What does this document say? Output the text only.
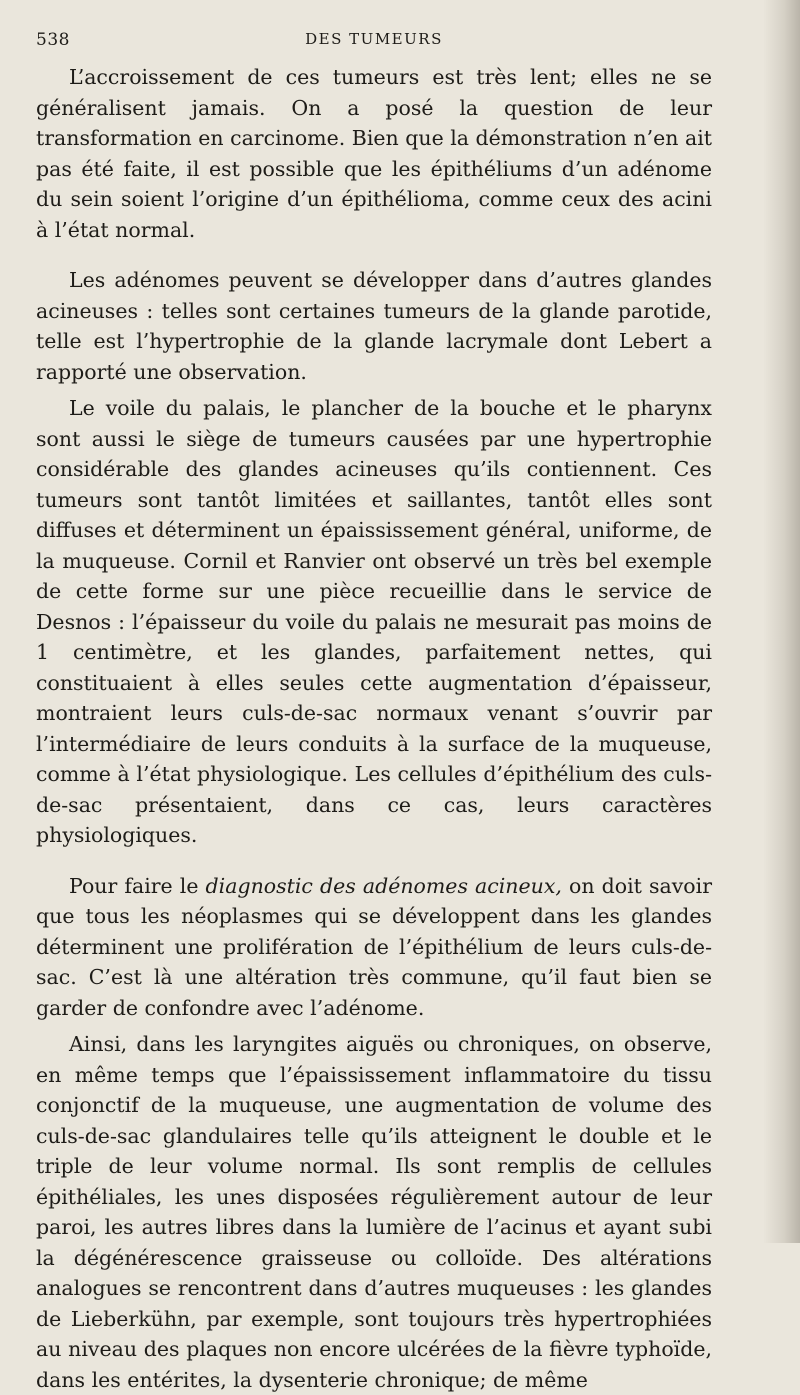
538	DES TUMEURS

L’accroissement de ces tumeurs est très lent; elles ne se généralisent jamais. On a posé la question de leur transformation en carcinome. Bien que la démonstration n’en ait pas été faite, il est possible que les épithéliums d’un adénome du sein soient l’origine d’un épithélioma, comme ceux des acini à l’état normal.

Les adénomes peuvent se développer dans d’autres glandes acineuses : telles sont certaines tumeurs de la glande parotide, telle est l’hypertrophie de la glande lacrymale dont Lebert a rapporté une observation.

Le voile du palais, le plancher de la bouche et le pharynx sont aussi le siège de tumeurs causées par une hypertrophie considérable des glandes acineuses qu’ils contiennent. Ces tumeurs sont tantôt limitées et saillantes, tantôt elles sont diffuses et déterminent un épaississement général, uniforme, de la muqueuse. Cornil et Ranvier ont observé un très bel exemple de cette forme sur une pièce recueillie dans le service de Desnos : l’épaisseur du voile du palais ne mesurait pas moins de 1 centimètre, et les glandes, parfaitement nettes, qui constituaient à elles seules cette augmentation d’épaisseur, montraient leurs culs-de-sac normaux venant s’ouvrir par l’intermédiaire de leurs conduits à la surface de la muqueuse, comme à l’état physiologique. Les cellules d’épithélium des culs-de-sac présentaient, dans ce cas, leurs caractères physiologiques.

Pour faire le diagnostic des adénomes acineux, on doit savoir que tous les néoplasmes qui se développent dans les glandes déterminent une prolifération de l’épithélium de leurs culs-de-sac. C’est là une altération très commune, qu’il faut bien se garder de confondre avec l’adénome.

Ainsi, dans les laryngites aiguës ou chroniques, on observe, en même temps que l’épaississement inflammatoire du tissu conjonctif de la muqueuse, une augmentation de volume des culs-de-sac glandulaires telle qu’ils atteignent le double et le triple de leur volume normal. Ils sont remplis de cellules épithéliales, les unes disposées régulièrement autour de leur paroi, les autres libres dans la lumière de l’acinus et ayant subi la dégénérescence graisseuse ou colloïde. Des altérations analogues se rencontrent dans d’autres muqueuses : les glandes de Lieberkühn, par exemple, sont toujours très hypertrophiées au niveau des plaques non encore ulcérées de la fièvre typhoïde, dans les entérites, la dysenterie chronique; de même
